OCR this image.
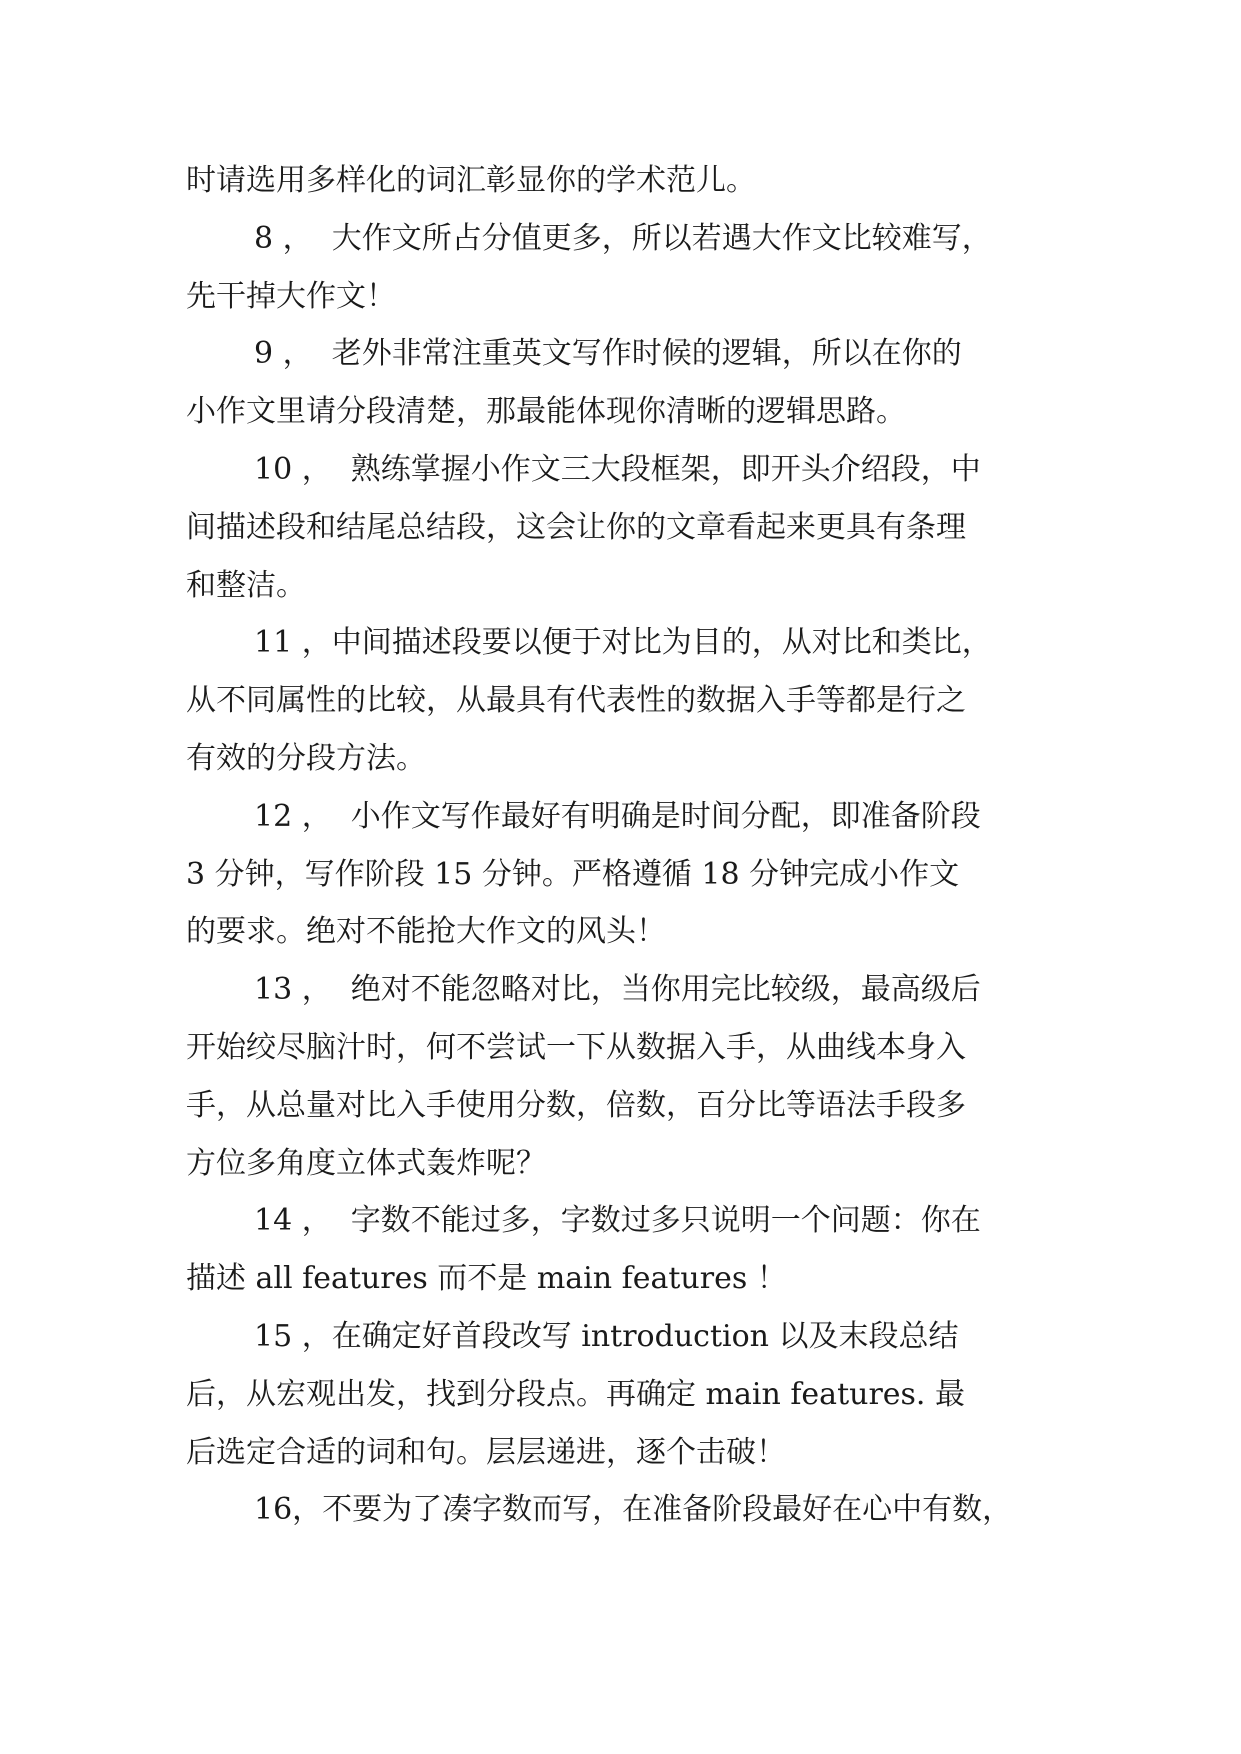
时请选用多样化的词汇彰显你的学术范儿。
8 ，  大作文所占分值更多，所以若遇大作文比较难写，
先干掉大作文！
9 ，  老外非常注重英文写作时候的逻辑，所以在你的
小作文里请分段清楚，那最能体现你清晰的逻辑思路。
10 ，  熟练掌握小作文三大段框架，即开头介绍段，中
间描述段和结尾总结段，这会让你的文章看起来更具有条理
和整洁。
11 ，中间描述段要以便于对比为目的，从对比和类比，
从不同属性的比较，从最具有代表性的数据入手等都是行之
有效的分段方法。
12 ，  小作文写作最好有明确是时间分配，即准备阶段
3 分钟，写作阶段 15 分钟。严格遵循 18 分钟完成小作文
的要求。绝对不能抢大作文的风头！
13 ，  绝对不能忽略对比，当你用完比较级，最高级后
开始绞尽脑汁时，何不尝试一下从数据入手，从曲线本身入
手，从总量对比入手使用分数，倍数，百分比等语法手段多
方位多角度立体式轰炸呢？
14 ，  字数不能过多，字数过多只说明一个问题：你在
描述 all features 而不是 main features ！
15 ，在确定好首段改写 introduction 以及末段总结
后，从宏观出发，找到分段点。再确定 main features. 最
后选定合适的词和句。层层递进，逐个击破！
16，不要为了凑字数而写，在准备阶段最好在心中有数，
